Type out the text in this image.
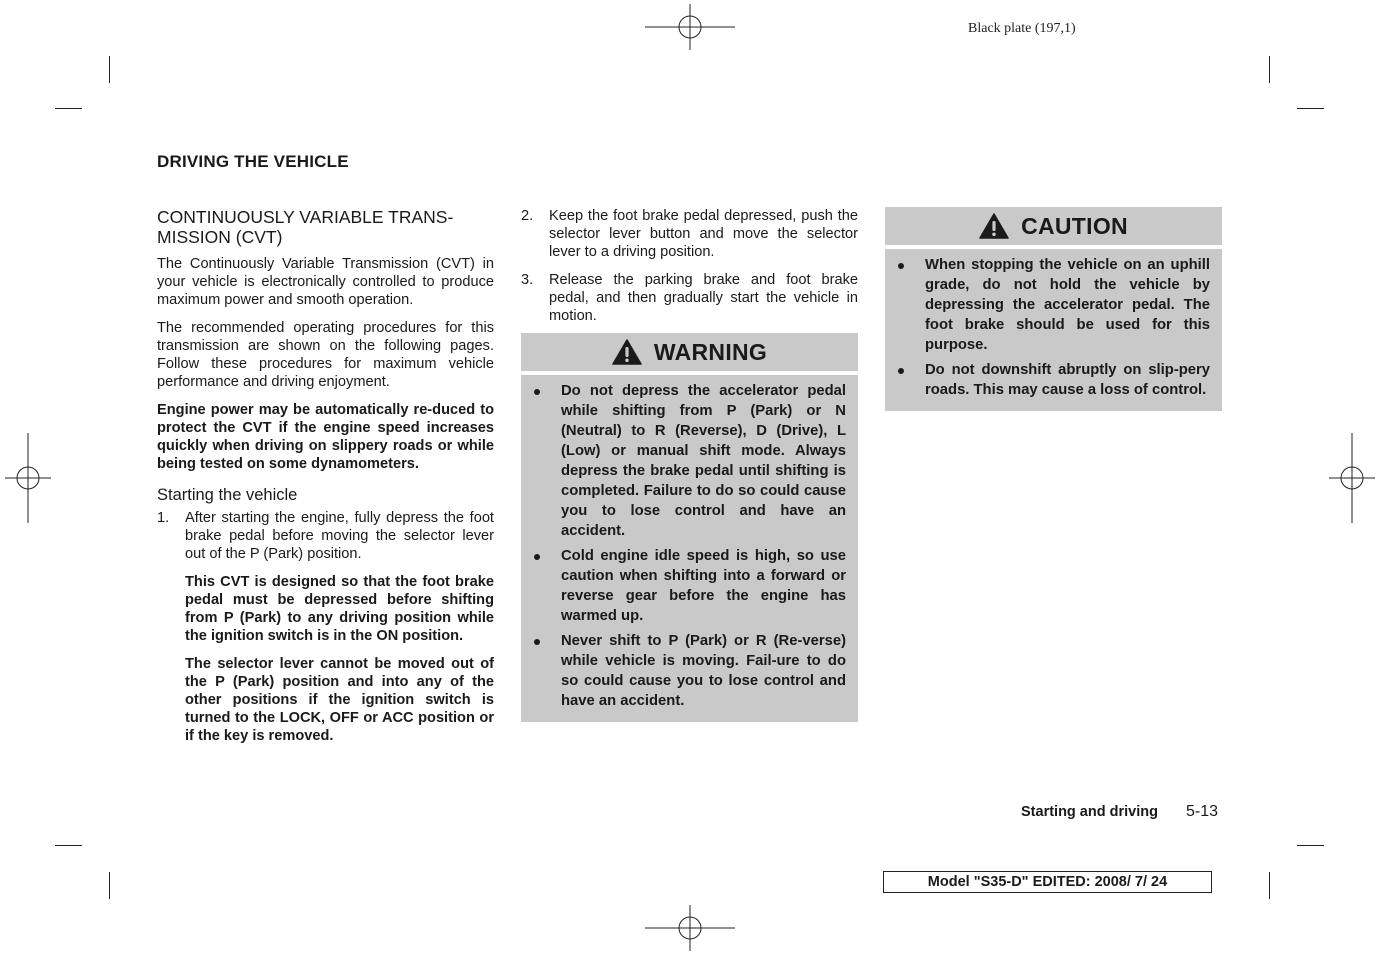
Black plate (197,1)
DRIVING THE VEHICLE
CONTINUOUSLY VARIABLE TRANS-MISSION (CVT)

The Continuously Variable Transmission (CVT) in your vehicle is electronically controlled to produce maximum power and smooth operation.

The recommended operating procedures for this transmission are shown on the following pages. Follow these procedures for maximum vehicle performance and driving enjoyment.

Engine power may be automatically re-duced to protect the CVT if the engine speed increases quickly when driving on slippery roads or while being tested on some dynamometers.

Starting the vehicle
1. After starting the engine, fully depress the foot brake pedal before moving the selector lever out of the P (Park) position.

This CVT is designed so that the foot brake pedal must be depressed before shifting from P (Park) to any driving position while the ignition switch is in the ON position.

The selector lever cannot be moved out of the P (Park) position and into any of the other positions if the ignition switch is turned to the LOCK, OFF or ACC position or if the key is removed.

2. Keep the foot brake pedal depressed, push the selector lever button and move the selector lever to a driving position.

3. Release the parking brake and foot brake pedal, and then gradually start the vehicle in motion.

WARNING
Do not depress the accelerator pedal while shifting from P (Park) or N (Neutral) to R (Reverse), D (Drive), L (Low) or manual shift mode. Always depress the brake pedal until shifting is completed. Failure to do so could cause you to lose control and have an accident.
Cold engine idle speed is high, so use caution when shifting into a forward or reverse gear before the engine has warmed up.
Never shift to P (Park) or R (Re-verse) while vehicle is moving. Fail-ure to do so could cause you to lose control and have an accident.
CAUTION
When stopping the vehicle on an uphill grade, do not hold the vehicle by depressing the accelerator pedal. The foot brake should be used for this purpose.
Do not downshift abruptly on slip-pery roads. This may cause a loss of control.
Starting and driving 5-13
Model "S35-D" EDITED: 2008/ 7/ 24
